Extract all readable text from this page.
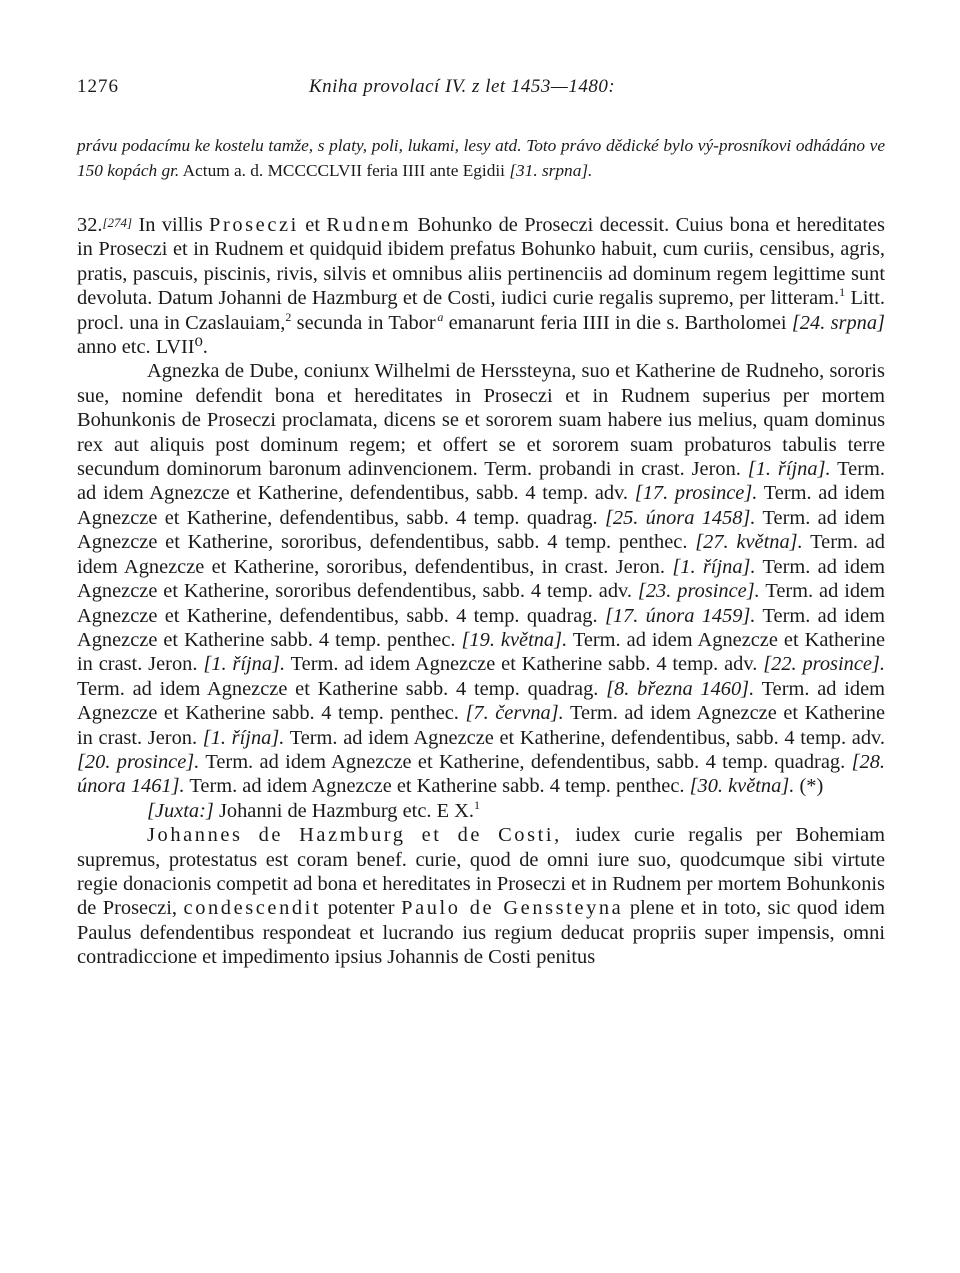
1276	Kniha provolací IV. z let 1453—1480:
právu podacímu ke kostelu tamže, s platy, poli, lukami, lesy atd. Toto právo dědické bylo vý-prosníkovi odhádáno ve 150 kopách gr. Actum a. d. MCCCCLVII feria IIII ante Egidii [31. srpna].

32.[274] In villis Proseczi et Rudnem Bohunko de Proseczi decessit. Cuius bona et hereditates in Proseczi et in Rudnem et quidquid ibidem prefatus Bohunko habuit, cum curiis, censibus, agris, pratis, pascuis, piscinis, rivis, silvis et omnibus aliis pertinenciis ad dominum regem legittime sunt devoluta. Datum Johanni de Hazmburg et de Costi, iudici curie regalis supremo, per litteram.$^1$ Litt. procl. una in Czaslauiam,$^2$ secunda in Tabor  $^a$ emanarunt feria IIII in die s. Bartholomei [24. srpna] anno etc. LVII⁰.

Agnezka de Dube, coniunx Wilhelmi de Herssteyna, suo et Katherine de Rudneho, sororis sue, nomine defendit bona et hereditates in Proseczi et in Rudnem superius per mortem Bohunkonis de Proseczi proclamata, dicens se et sororem suam habere ius melius, quam dominus rex aut aliquis post dominum regem; et offert se et sororem suam probaturos tabulis terre secundum dominorum baronum adinvencionem. Term. probandi in crast. Jeron. [1. října]. Term. ad idem Agnezcze et Katherine, defendentibus, sabb. 4 temp. adv. [17. prosince]. Term. ad idem Agnezcze et Katherine, defendentibus, sabb. 4 temp. quadrag. [25. února 1458]. Term. ad idem Agnezcze et Katherine, sororibus, defendentibus, sabb. 4 temp. penthec. [27. května]. Term. ad idem Agnezcze et Katherine, sororibus, defendentibus, in crast. Jeron. [1. října]. Term. ad idem Agnezcze et Katherine, sororibus defendentibus, sabb. 4 temp. adv. [23. prosince]. Term. ad idem Agnezcze et Katherine, defendentibus, sabb. 4 temp. quadrag. [17. února 1459]. Term. ad idem Agnezcze et Katherine sabb. 4 temp. penthec. [19. května]. Term. ad idem Agnezcze et Katherine in crast. Jeron. [1. října]. Term. ad idem Agnezcze et Katherine sabb. 4 temp. adv. [22. prosince]. Term. ad idem Agnezcze et Katherine sabb. 4 temp. quadrag. [8. března 1460]. Term. ad idem Agnezcze et Katherine sabb. 4 temp. penthec. [7. června]. Term. ad idem Agnezcze et Katherine in crast. Jeron. [1. října]. Term. ad idem Agnezcze et Katherine, defendentibus, sabb. 4 temp. adv. [20. prosince]. Term. ad idem Agnezcze et Katherine, defendentibus, sabb. 4 temp. quadrag. [28. února 1461]. Term. ad idem Agnezcze et Katherine sabb. 4 temp. penthec. [30. května]. (*)

[Juxta:] Johanni de Hazmburg etc. E X.$^1$

Johannes de Hazmburg et de Costi, iudex curie regalis per Bohemiam supremus, protestatus est coram benef. curie, quod de omni iure suo, quodcumque sibi virtute regie donacionis competit ad bona et hereditates in Proseczi et in Rudnem per mortem Bohunkonis de Proseczi, condescendit potenter Paulo de Genssteyna plene et in toto, sic quod idem Paulus defendentibus respondeat et lucrando ius regium deducat propriis super impensis, omni contradiccione et impedimento ipsius Johannis de Costi penitus
